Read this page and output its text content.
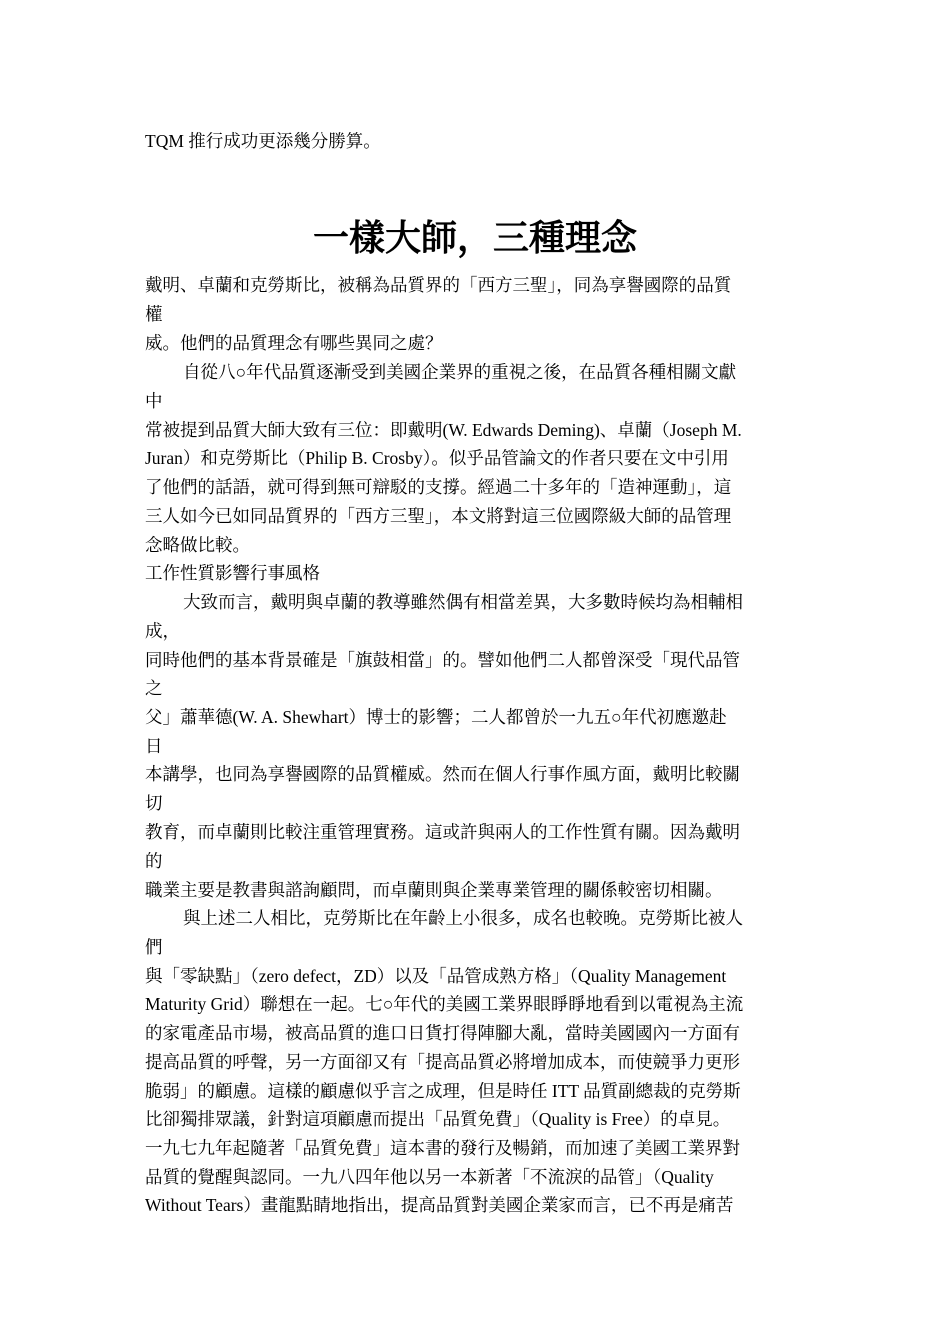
TQM 推行成功更添幾分勝算。
一樣大師，三種理念
戴明、卓蘭和克勞斯比，被稱為品質界的「西方三聖」，同為享譽國際的品質
權
威。他們的品質理念有哪些異同之處？
自從八○年代品質逐漸受到美國企業界的重視之後，在品質各種相關文獻
中
常被提到品質大師大致有三位：即戴明(W. Edwards Deming)、卓蘭（Joseph M.
Juran）和克勞斯比（Philip B. Crosby）。似乎品管論文的作者只要在文中引用
了他們的話語，就可得到無可辯駁的支撐。經過二十多年的「造神運動」，這
三人如今已如同品質界的「西方三聖」，本文將對這三位國際級大師的品管理
念略做比較。
工作性質影響行事風格
大致而言，戴明與卓蘭的教導雖然偶有相當差異，大多數時候均為相輔相
成，
同時他們的基本背景確是「旗鼓相當」的。譬如他們二人都曾深受「現代品管
之
父」蕭華德(W. A. Shewhart）博士的影響；二人都曾於一九五○年代初應邀赴
日
本講學，也同為享譽國際的品質權威。然而在個人行事作風方面，戴明比較關
切
教育，而卓蘭則比較注重管理實務。這或許與兩人的工作性質有關。因為戴明
的
職業主要是教書與諮詢顧問，而卓蘭則與企業專業管理的關係較密切相關。
與上述二人相比，克勞斯比在年齡上小很多，成名也較晚。克勞斯比被人
們
與「零缺點」（zero defect，ZD）以及「品管成熟方格」（Quality Management
Maturity Grid）聯想在一起。七○年代的美國工業界眼睜睜地看到以電視為主流
的家電產品市場，被高品質的進口日貨打得陣腳大亂，當時美國國內一方面有
提高品質的呼聲，另一方面卻又有「提高品質必將增加成本，而使競爭力更形
脆弱」的顧慮。這樣的顧慮似乎言之成理，但是時任 ITT 品質副總裁的克勞斯
比卻獨排眾議，針對這項顧慮而提出「品質免費」（Quality is Free）的卓見。
一九七九年起隨著「品質免費」這本書的發行及暢銷，而加速了美國工業界對
品質的覺醒與認同。一九八四年他以另一本新著「不流淚的品管」（Quality
Without Tears）畫龍點睛地指出，提高品質對美國企業家而言，已不再是痛苦
